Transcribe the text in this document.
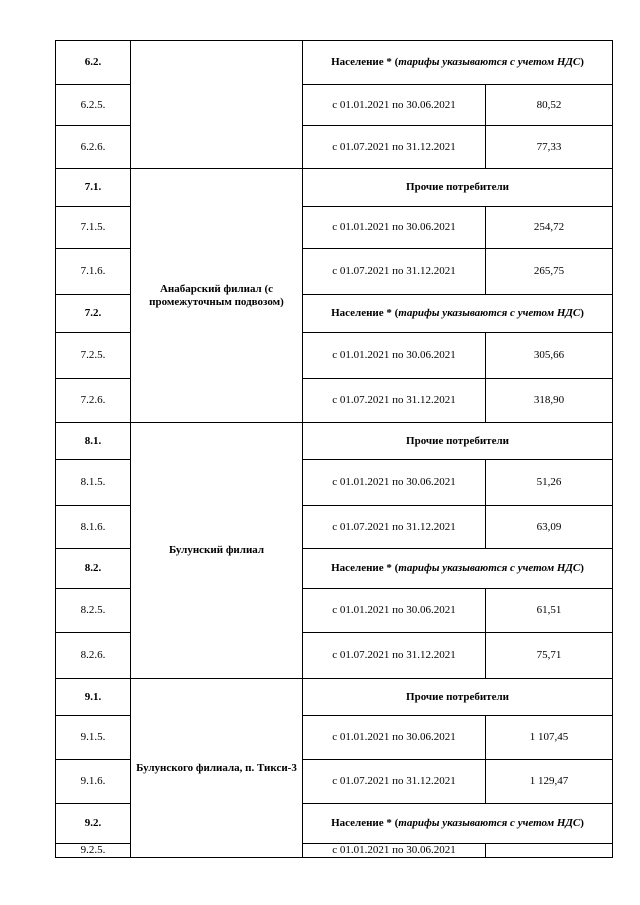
6.2.		Население * (тарифы указываются с учетом НДС)	
6.2.5.		с 01.01.2021 по 30.06.2021	80,52
6.2.6.		с 01.07.2021 по 31.12.2021	77,33
7.1.	Анабарский филиал (с промежуточным подвозом)	Прочие потребители	
7.1.5.		с 01.01.2021 по 30.06.2021	254,72
7.1.6.		с 01.07.2021 по 31.12.2021	265,75
7.2.		Население * (тарифы указываются с учетом НДС)	
7.2.5.		с 01.01.2021 по 30.06.2021	305,66
7.2.6.		с 01.07.2021 по 31.12.2021	318,90
8.1.	Булунский филиал	Прочие потребители	
8.1.5.		с 01.01.2021 по 30.06.2021	51,26
8.1.6.		с 01.07.2021 по 31.12.2021	63,09
8.2.		Население * (тарифы указываются с учетом НДС)	
8.2.5.		с 01.01.2021 по 30.06.2021	61,51
8.2.6.		с 01.07.2021 по 31.12.2021	75,71
9.1.	Булунского филиала, п. Тикси-3	Прочие потребители	
9.1.5.		с 01.01.2021 по 30.06.2021	1 107,45
9.1.6.		с 01.07.2021 по 31.12.2021	1 129,47
9.2.		Население * (тарифы указываются с учетом НДС)	
9.2.5.		с 01.01.2021 по 30.06.2021	
